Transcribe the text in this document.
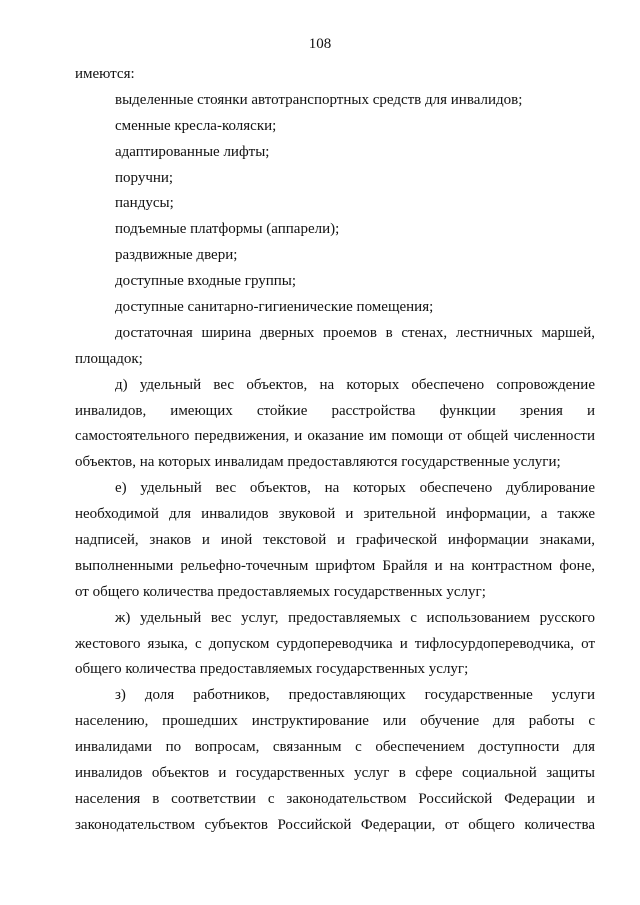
108
имеются:
выделенные стоянки автотранспортных средств для инвалидов;
сменные кресла-коляски;
адаптированные лифты;
поручни;
пандусы;
подъемные платформы (аппарели);
раздвижные двери;
доступные входные группы;
доступные санитарно-гигиенические помещения;
достаточная ширина дверных проемов в стенах, лестничных маршей,
площадок;
д) удельный вес объектов, на которых обеспечено сопровождение
инвалидов, имеющих стойкие расстройства функции зрения и
самостоятельного передвижения, и оказание им помощи от общей численности
объектов, на которых инвалидам предоставляются государственные услуги;
е) удельный вес объектов, на которых обеспечено дублирование
необходимой для инвалидов звуковой и зрительной информации, а также
надписей, знаков и иной текстовой и графической информации знаками,
выполненными рельефно-точечным шрифтом Брайля и на контрастном фоне,
от общего количества предоставляемых государственных услуг;
ж) удельный вес услуг, предоставляемых с использованием русского
жестового языка, с допуском сурдопереводчика и тифлосурдопереводчика, от
общего количества предоставляемых государственных услуг;
з) доля работников, предоставляющих государственные услуги
населению, прошедших инструктирование или обучение для работы с
инвалидами по вопросам, связанным с обеспечением доступности для
инвалидов объектов и государственных услуг в сфере социальной защиты
населения в соответствии с законодательством Российской Федерации и
законодательством субъектов Российской Федерации, от общего количества
